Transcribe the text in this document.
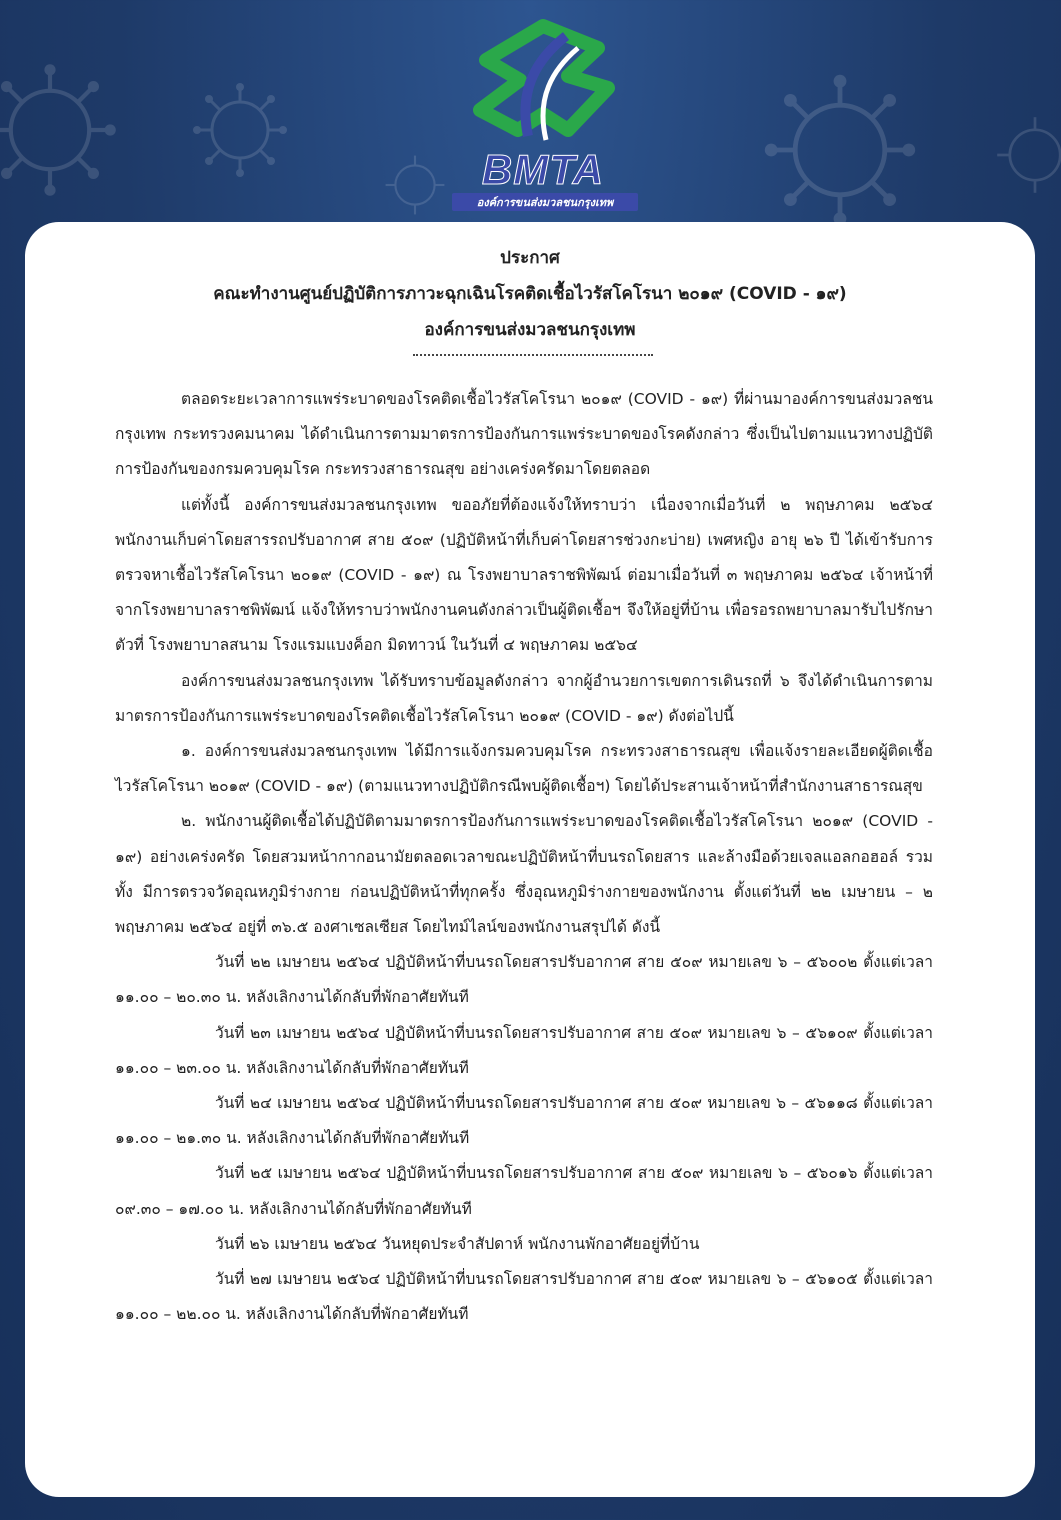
BMTA
องค์การขนส่งมวลชนกรุงเทพ

ประกาศ

คณะทำงานศูนย์ปฏิบัติการภาวะฉุกเฉินโรคติดเชื้อไวรัสโคโรนา ๒๐๑๙ (COVID - ๑๙)

องค์การขนส่งมวลชนกรุงเทพ

ตลอดระยะเวลาการแพร่ระบาดของโรคติดเชื้อไวรัสโคโรนา ๒๐๑๙ (COVID - ๑๙) ที่ผ่านมาองค์การขนส่งมวลชนกรุงเทพ กระทรวงคมนาคม ได้ดำเนินการตามมาตรการป้องกันการแพร่ระบาดของโรคดังกล่าว ซึ่งเป็นไปตามแนวทางปฏิบัติการป้องกันของกรมควบคุมโรค กระทรวงสาธารณสุข อย่างเคร่งครัดมาโดยตลอด

แต่ทั้งนี้ องค์การขนส่งมวลชนกรุงเทพ ขออภัยที่ต้องแจ้งให้ทราบว่า เนื่องจากเมื่อวันที่ ๒ พฤษภาคม ๒๕๖๔ พนักงานเก็บค่าโดยสารรถปรับอากาศ สาย ๕๐๙ (ปฏิบัติหน้าที่เก็บค่าโดยสารช่วงกะบ่าย) เพศหญิง อายุ ๒๖ ปี ได้เข้ารับการตรวจหาเชื้อไวรัสโคโรนา ๒๐๑๙ (COVID - ๑๙) ณ โรงพยาบาลราชพิพัฒน์ ต่อมาเมื่อวันที่ ๓ พฤษภาคม ๒๕๖๔ เจ้าหน้าที่จากโรงพยาบาลราชพิพัฒน์ แจ้งให้ทราบว่าพนักงานคนดังกล่าวเป็นผู้ติดเชื้อฯ จึงให้อยู่ที่บ้าน เพื่อรอรถพยาบาลมารับไปรักษาตัวที่ โรงพยาบาลสนาม โรงแรมแบงค็อก มิดทาวน์ ในวันที่ ๔ พฤษภาคม ๒๕๖๔

องค์การขนส่งมวลชนกรุงเทพ ได้รับทราบข้อมูลดังกล่าว จากผู้อำนวยการเขตการเดินรถที่ ๖ จึงได้ดำเนินการตามมาตรการป้องกันการแพร่ระบาดของโรคติดเชื้อไวรัสโคโรนา ๒๐๑๙ (COVID - ๑๙) ดังต่อไปนี้

๑. องค์การขนส่งมวลชนกรุงเทพ ได้มีการแจ้งกรมควบคุมโรค กระทรวงสาธารณสุข เพื่อแจ้งรายละเอียดผู้ติดเชื้อไวรัสโคโรนา ๒๐๑๙ (COVID - ๑๙) (ตามแนวทางปฏิบัติกรณีพบผู้ติดเชื้อฯ) โดยได้ประสานเจ้าหน้าที่สำนักงานสาธารณสุข

๒. พนักงานผู้ติดเชื้อได้ปฏิบัติตามมาตรการป้องกันการแพร่ระบาดของโรคติดเชื้อไวรัสโคโรนา ๒๐๑๙ (COVID - ๑๙) อย่างเคร่งครัด โดยสวมหน้ากากอนามัยตลอดเวลาขณะปฏิบัติหน้าที่บนรถโดยสาร และล้างมือด้วยเจลแอลกอฮอล์ รวมทั้ง มีการตรวจวัดอุณหภูมิร่างกาย ก่อนปฏิบัติหน้าที่ทุกครั้ง ซึ่งอุณหภูมิร่างกายของพนักงาน ตั้งแต่วันที่ ๒๒ เมษายน – ๒ พฤษภาคม ๒๕๖๔ อยู่ที่ ๓๖.๕ องศาเซลเซียส โดยไทม์ไลน์ของพนักงานสรุปได้ ดังนี้

วันที่ ๒๒ เมษายน ๒๕๖๔ ปฏิบัติหน้าที่บนรถโดยสารปรับอากาศ สาย ๕๐๙ หมายเลข ๖ – ๕๖๐๐๒ ตั้งแต่เวลา ๑๑.๐๐ – ๒๐.๓๐ น. หลังเลิกงานได้กลับที่พักอาศัยทันที

วันที่ ๒๓ เมษายน ๒๕๖๔ ปฏิบัติหน้าที่บนรถโดยสารปรับอากาศ สาย ๕๐๙ หมายเลข ๖ – ๕๖๑๐๙ ตั้งแต่เวลา ๑๑.๐๐ – ๒๓.๐๐ น. หลังเลิกงานได้กลับที่พักอาศัยทันที

วันที่ ๒๔ เมษายน ๒๕๖๔ ปฏิบัติหน้าที่บนรถโดยสารปรับอากาศ สาย ๕๐๙ หมายเลข ๖ – ๕๖๑๑๘ ตั้งแต่เวลา ๑๑.๐๐ – ๒๑.๓๐ น. หลังเลิกงานได้กลับที่พักอาศัยทันที

วันที่ ๒๕ เมษายน ๒๕๖๔ ปฏิบัติหน้าที่บนรถโดยสารปรับอากาศ สาย ๕๐๙ หมายเลข ๖ – ๕๖๐๑๖ ตั้งแต่เวลา ๐๙.๓๐ – ๑๗.๐๐ น. หลังเลิกงานได้กลับที่พักอาศัยทันที

วันที่ ๒๖ เมษายน ๒๕๖๔ วันหยุดประจำสัปดาห์ พนักงานพักอาศัยอยู่ที่บ้าน

วันที่ ๒๗ เมษายน ๒๕๖๔ ปฏิบัติหน้าที่บนรถโดยสารปรับอากาศ สาย ๕๐๙ หมายเลข ๖ – ๕๖๑๐๕ ตั้งแต่เวลา ๑๑.๐๐ – ๒๒.๐๐ น. หลังเลิกงานได้กลับที่พักอาศัยทันที
